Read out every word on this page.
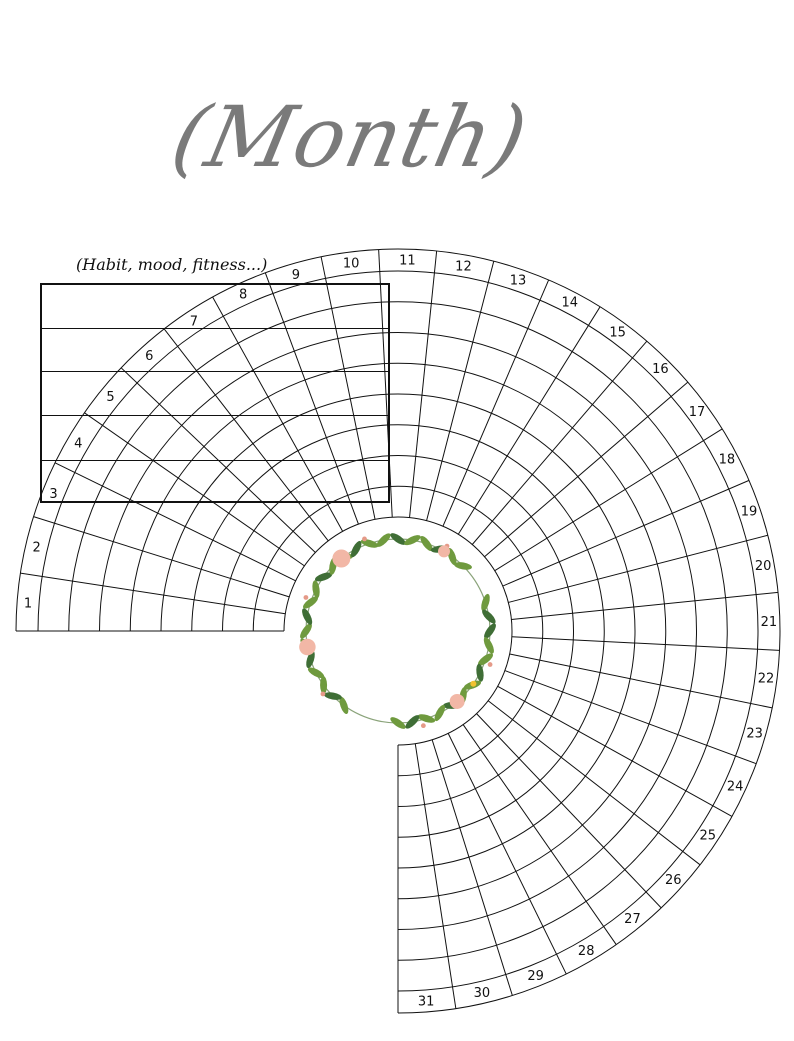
(Month)
(Habit, mood, fitness...)
1
2
3
4
5
6
7
8
9
10	11	12
13
14
15
16
17
18
19
20
21
22
23
24
25
26
27
28
29
30
31
